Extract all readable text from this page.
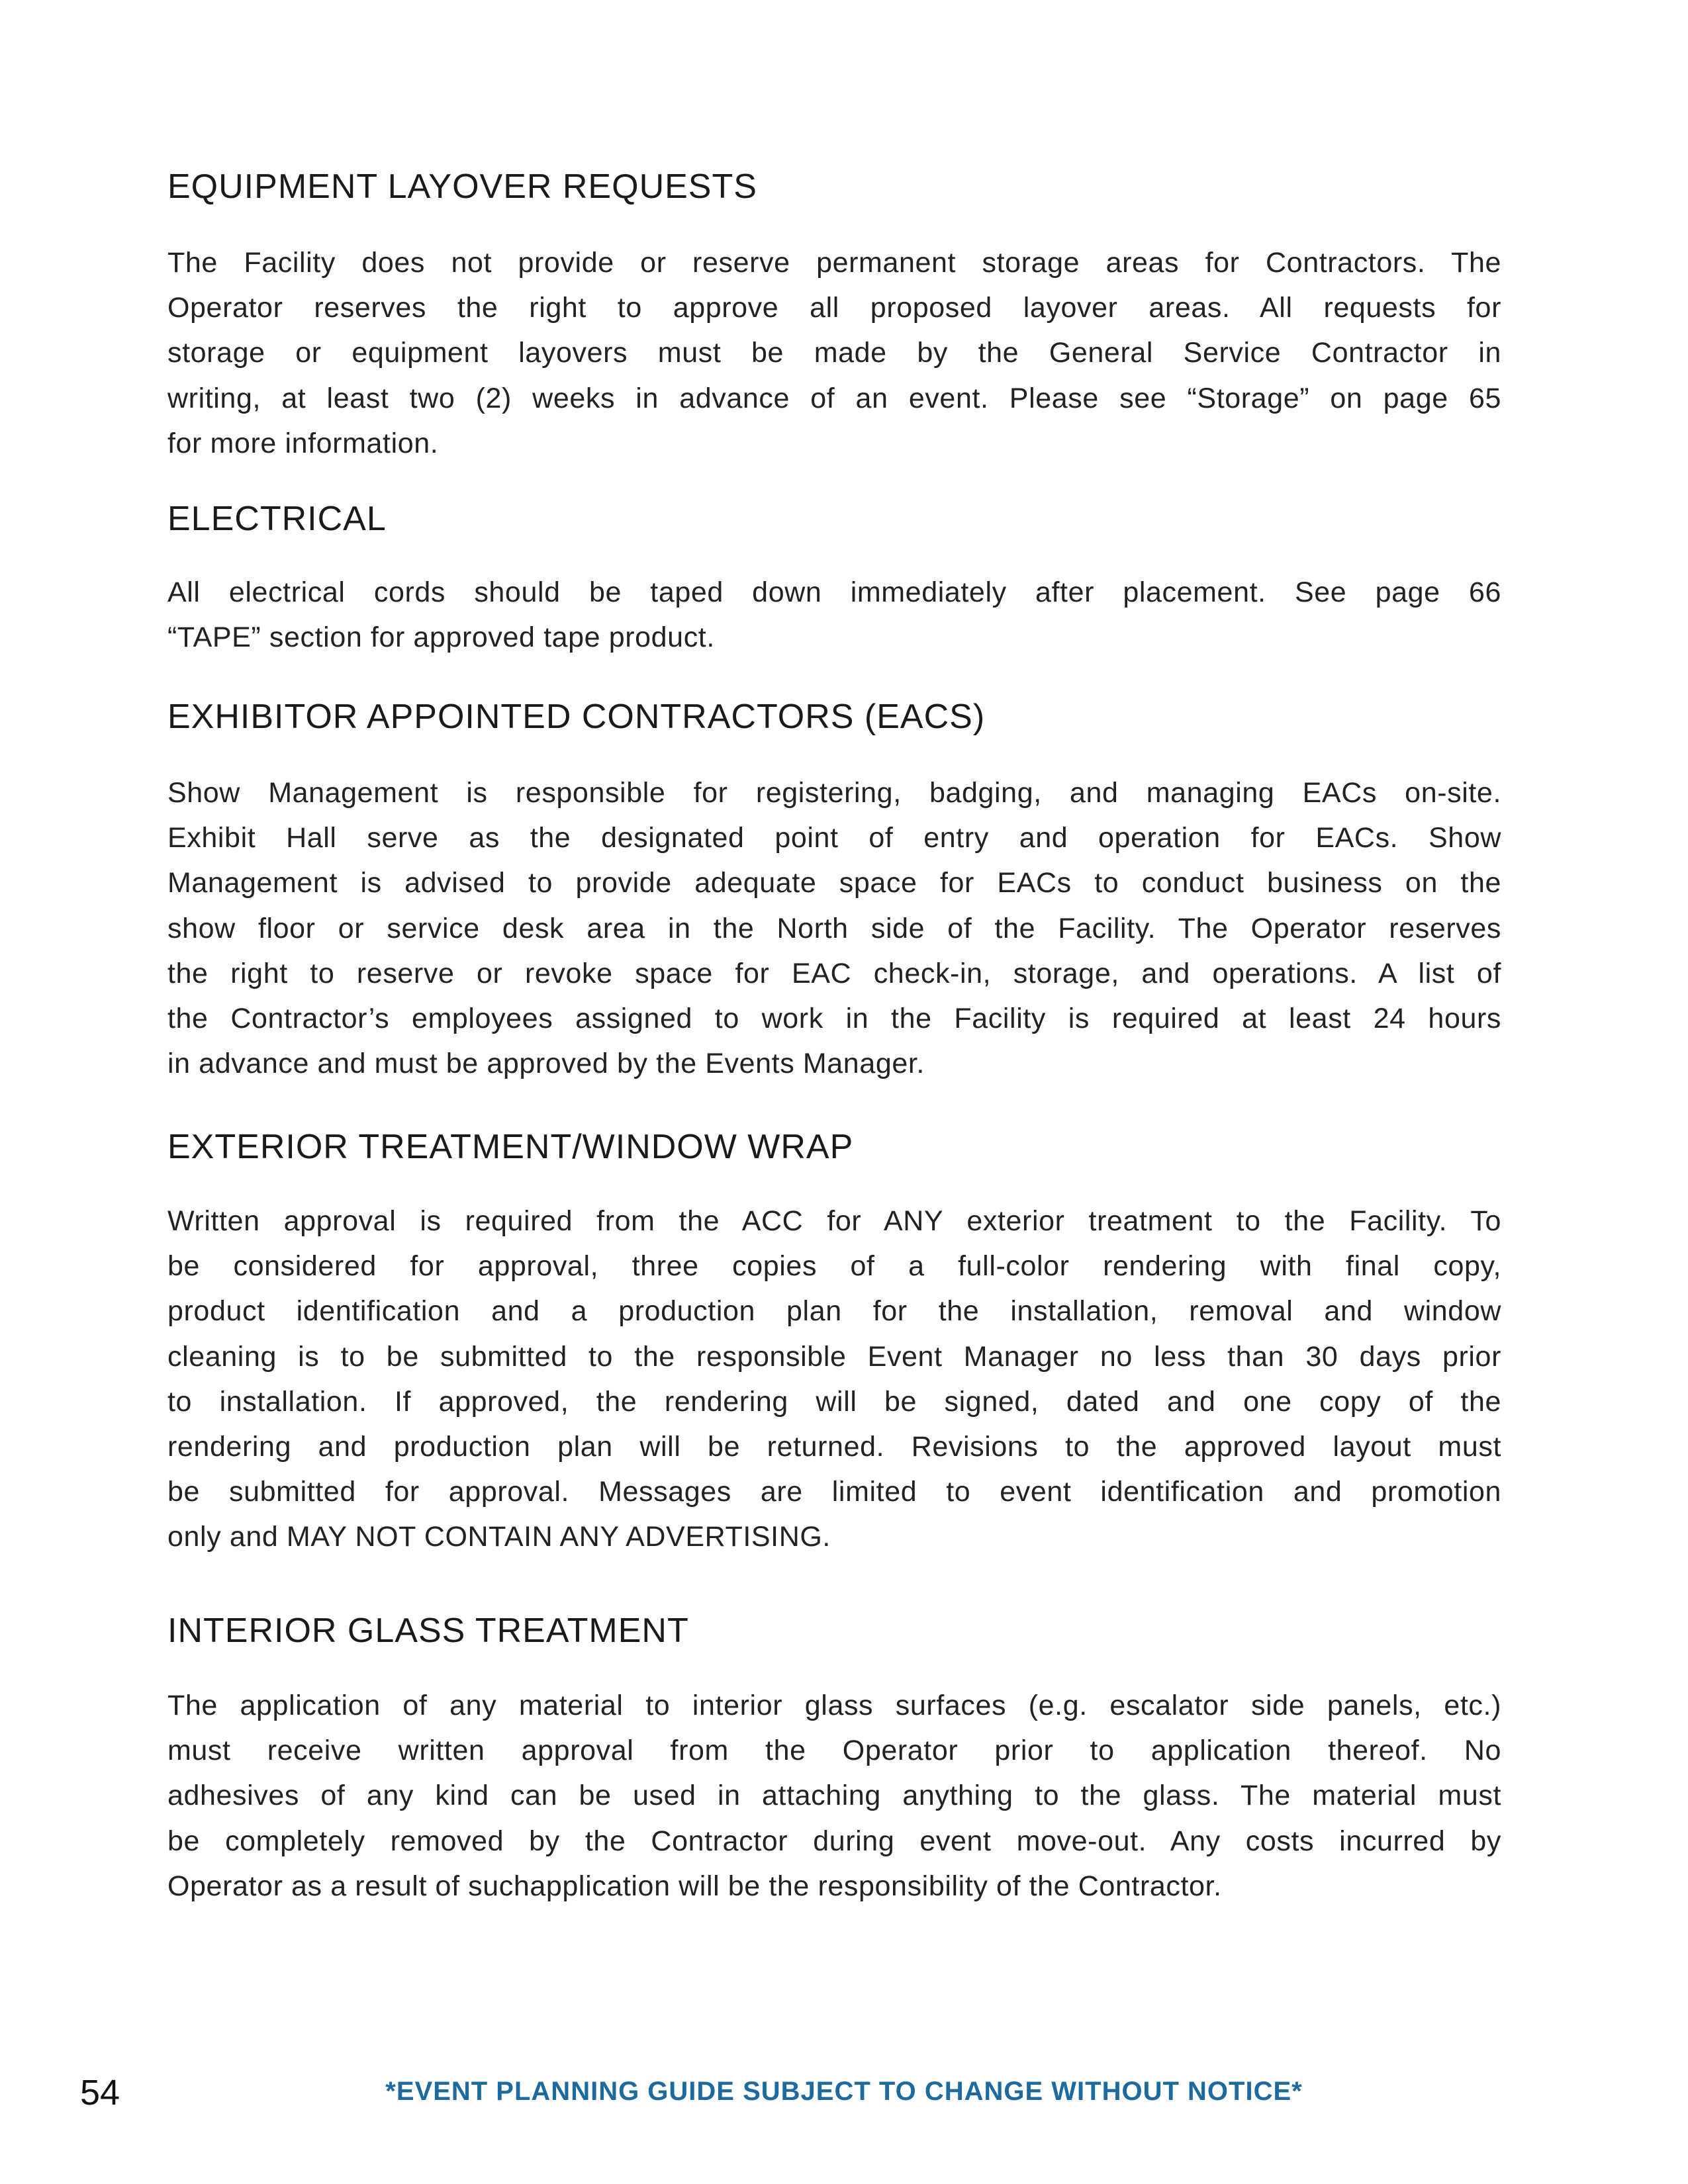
EQUIPMENT LAYOVER REQUESTS
The Facility does not provide or reserve permanent storage areas for Contractors. The
Operator reserves the right to approve all proposed layover areas. All requests for
storage or equipment layovers must be made by the General Service Contractor in
writing, at least two (2) weeks in advance of an event. Please see “Storage” on page 65
for more information.
ELECTRICAL
All electrical cords should be taped down immediately after placement. See page 66
“TAPE” section for approved tape product.
EXHIBITOR APPOINTED CONTRACTORS (EACS)
Show Management is responsible for registering, badging, and managing EACs on-site.
Exhibit Hall serve as the designated point of entry and operation for EACs. Show
Management is advised to provide adequate space for EACs to conduct business on the
show floor or service desk area in the North side of the Facility. The Operator reserves
the right to reserve or revoke space for EAC check-in, storage, and operations. A list of
the Contractor’s employees assigned to work in the Facility is required at least 24 hours
in advance and must be approved by the Events Manager.
EXTERIOR TREATMENT/WINDOW WRAP
Written approval is required from the ACC for ANY exterior treatment to the Facility. To
be considered for approval, three copies of a full-color rendering with final copy,
product identification and a production plan for the installation, removal and window
cleaning is to be submitted to the responsible Event Manager no less than 30 days prior
to installation. If approved, the rendering will be signed, dated and one copy of the
rendering and production plan will be returned. Revisions to the approved layout must
be submitted for approval. Messages are limited to event identification and promotion
only and MAY NOT CONTAIN ANY ADVERTISING.
INTERIOR GLASS TREATMENT
The application of any material to interior glass surfaces (e.g. escalator side panels, etc.)
must receive written approval from the Operator prior to application thereof. No
adhesives of any kind can be used in attaching anything to the glass. The material must
be completely removed by the Contractor during event move-out. Any costs incurred by
Operator as a result of suchapplication will be the responsibility of the Contractor.
54	*EVENT PLANNING GUIDE SUBJECT TO CHANGE WITHOUT NOTICE*
